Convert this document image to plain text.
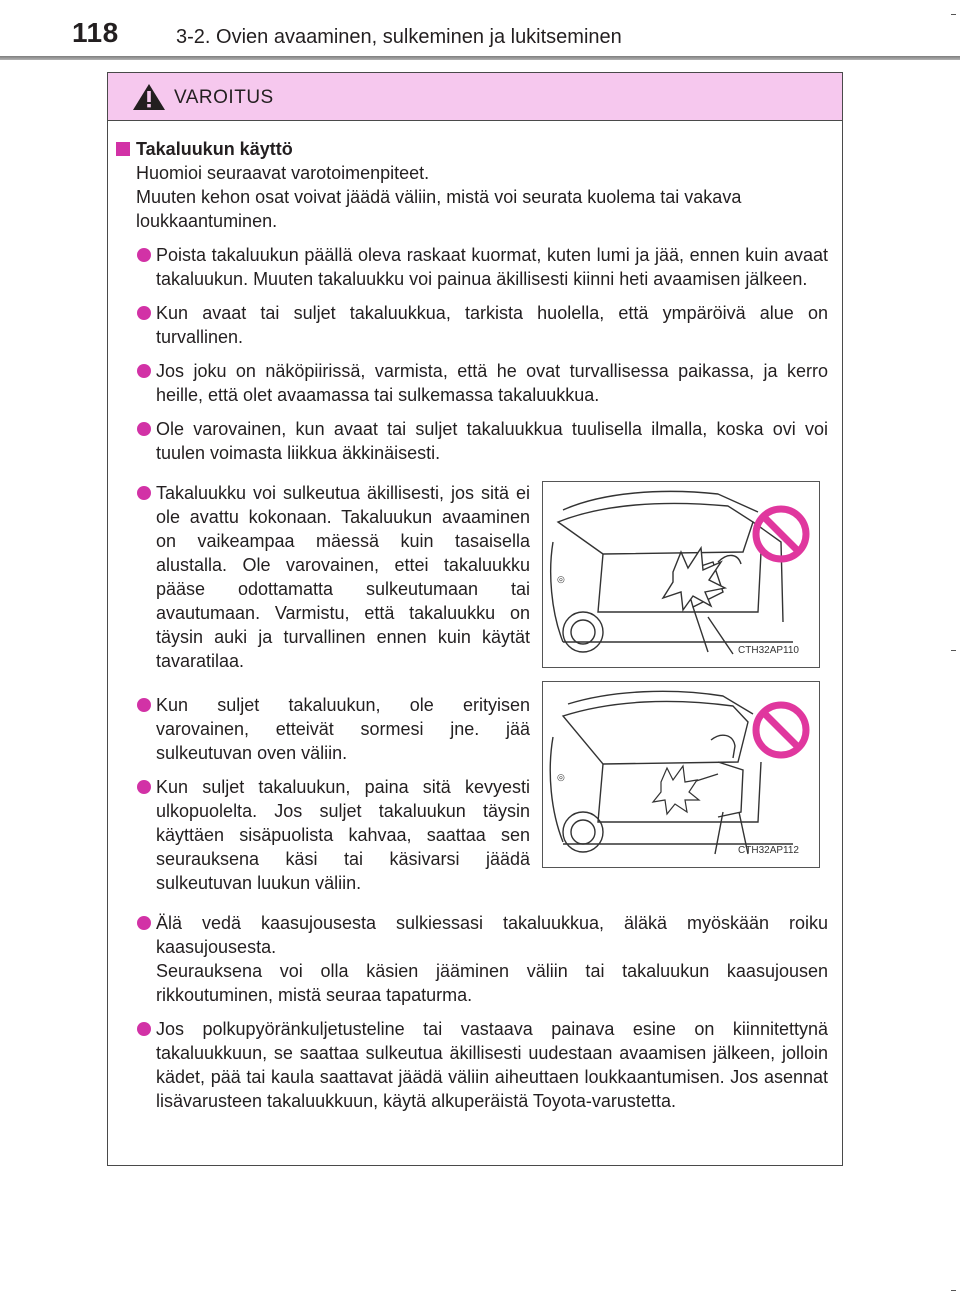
118	3-2. Ovien avaaminen, sulkeminen ja lukitseminen
VAROITUS
Takaluukun käyttö

Huomioi seuraavat varotoimenpiteet.

Muuten kehon osat voivat jäädä väliin, mistä voi seurata kuolema tai vakava loukkaantuminen.

Poista takaluukun päällä oleva raskaat kuormat, kuten lumi ja jää, ennen kuin avaat takaluukun. Muuten takaluukku voi painua äkillisesti kiinni heti avaamisen jälkeen.
Kun avaat tai suljet takaluukkua, tarkista huolella, että ympäröivä alue on turvallinen.
Jos joku on näköpiirissä, varmista, että he ovat turvallisessa paikassa, ja kerro heille, että olet avaamassa tai sulkemassa takaluukkua.
Ole varovainen, kun avaat tai suljet takaluukkua tuulisella ilmalla, koska ovi voi tuulen voimasta liikkua äkkinäisesti.
Takaluukku voi sulkeutua äkillisesti, jos sitä ei ole avattu kokonaan. Takaluukun avaaminen on vaikeampaa mäessä kuin tasaisella alustalla. Ole varovainen, ettei takaluukku pääse odottamatta sulkeutumaan tai avautumaan. Varmistu, että takaluukku on täysin auki ja turvallinen ennen kuin käytät tavaratilaa.
◎
CTH32AP110
Kun suljet takaluukun, ole erityisen varovainen, etteivät sormesi jne. jää sulkeutuvan oven väliin.
Kun suljet takaluukun, paina sitä kevyesti ulkopuolelta. Jos suljet takaluukun täysin käyttäen sisäpuolista kahvaa, saattaa sen seurauksena käsi tai käsivarsi jäädä sulkeutuvan luukun väliin.
◎
CTH32AP112

Älä vedä kaasujousesta sulkiessasi takaluukkua, äläkä myöskään roiku kaasujousesta.

Seurauksena voi olla käsien jääminen väliin tai takaluukun kaasujousen rikkoutuminen, mistä seuraa tapaturma.

Jos polkupyöränkuljetusteline tai vastaava painava esine on kiinnitettynä takaluukkuun, se saattaa sulkeutua äkillisesti uudestaan avaamisen jälkeen, jolloin kädet, pää tai kaula saattavat jäädä väliin aiheuttaen loukkaantumisen. Jos asennat lisävarusteen takaluukkuun, käytä alkuperäistä Toyota-varustetta.
